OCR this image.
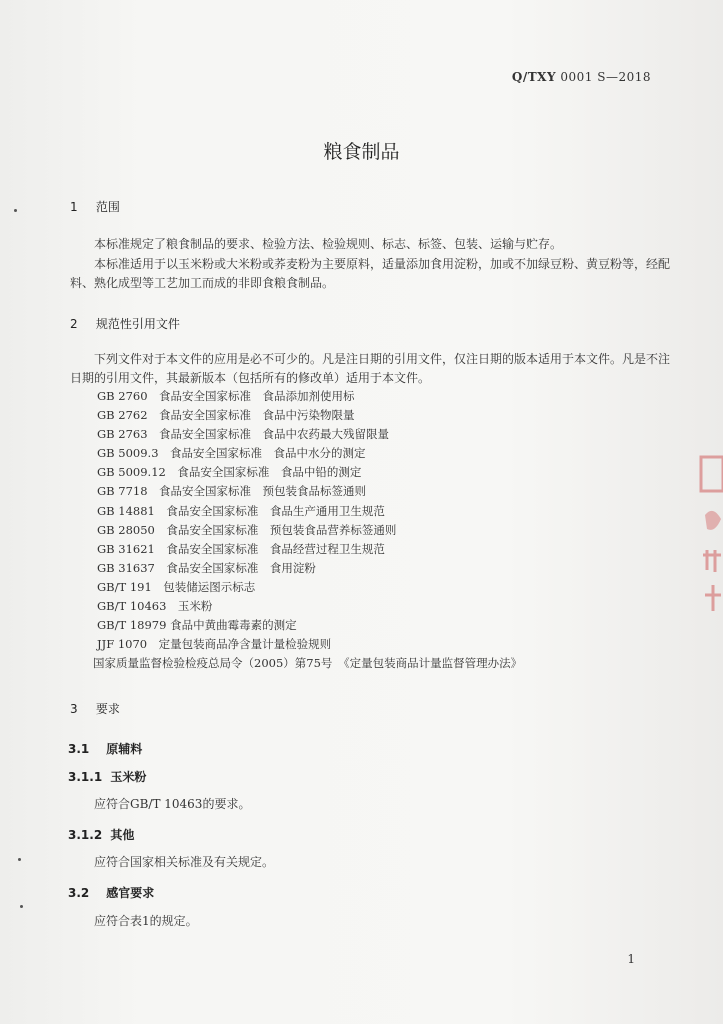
Q/TXY 0001 S—2018
粮食制品
1 范围
本标准规定了粮食制品的要求、检验方法、检验规则、标志、标签、包装、运输与贮存。
本标准适用于以玉米粉或大米粉或荞麦粉为主要原料，适量添加食用淀粉，加或不加绿豆粉、黄豆粉等，经配料、熟化成型等工艺加工而成的非即食粮食制品。
2 规范性引用文件
下列文件对于本文件的应用是必不可少的。凡是注日期的引用文件，仅注日期的版本适用于本文件。凡是不注日期的引用文件，其最新版本（包括所有的修改单）适用于本文件。
GB 2760　食品安全国家标准　食品添加剂使用标
GB 2762　食品安全国家标准　食品中污染物限量
GB 2763　食品安全国家标准　食品中农药最大残留限量
GB 5009.3　食品安全国家标准　食品中水分的测定
GB 5009.12　食品安全国家标准　食品中铅的测定
GB 7718　食品安全国家标准　预包装食品标签通则
GB 14881　食品安全国家标准　食品生产通用卫生规范
GB 28050　食品安全国家标准　预包装食品营养标签通则
GB 31621　食品安全国家标准　食品经营过程卫生规范
GB 31637　食品安全国家标准　食用淀粉
GB/T 191　包装储运图示标志
GB/T 10463　玉米粉
GB/T 18979 食品中黄曲霉毒素的测定
JJF 1070　定量包装商品净含量计量检验规则
国家质量监督检验检疫总局令（2005）第75号　《定量包装商品计量监督管理办法》
3 要求
3.1 原辅料
3.1.1 玉米粉
应符合GB/T 10463的要求。
3.1.2 其他
应符合国家相关标准及有关规定。
3.2 感官要求
应符合表1的规定。
1
